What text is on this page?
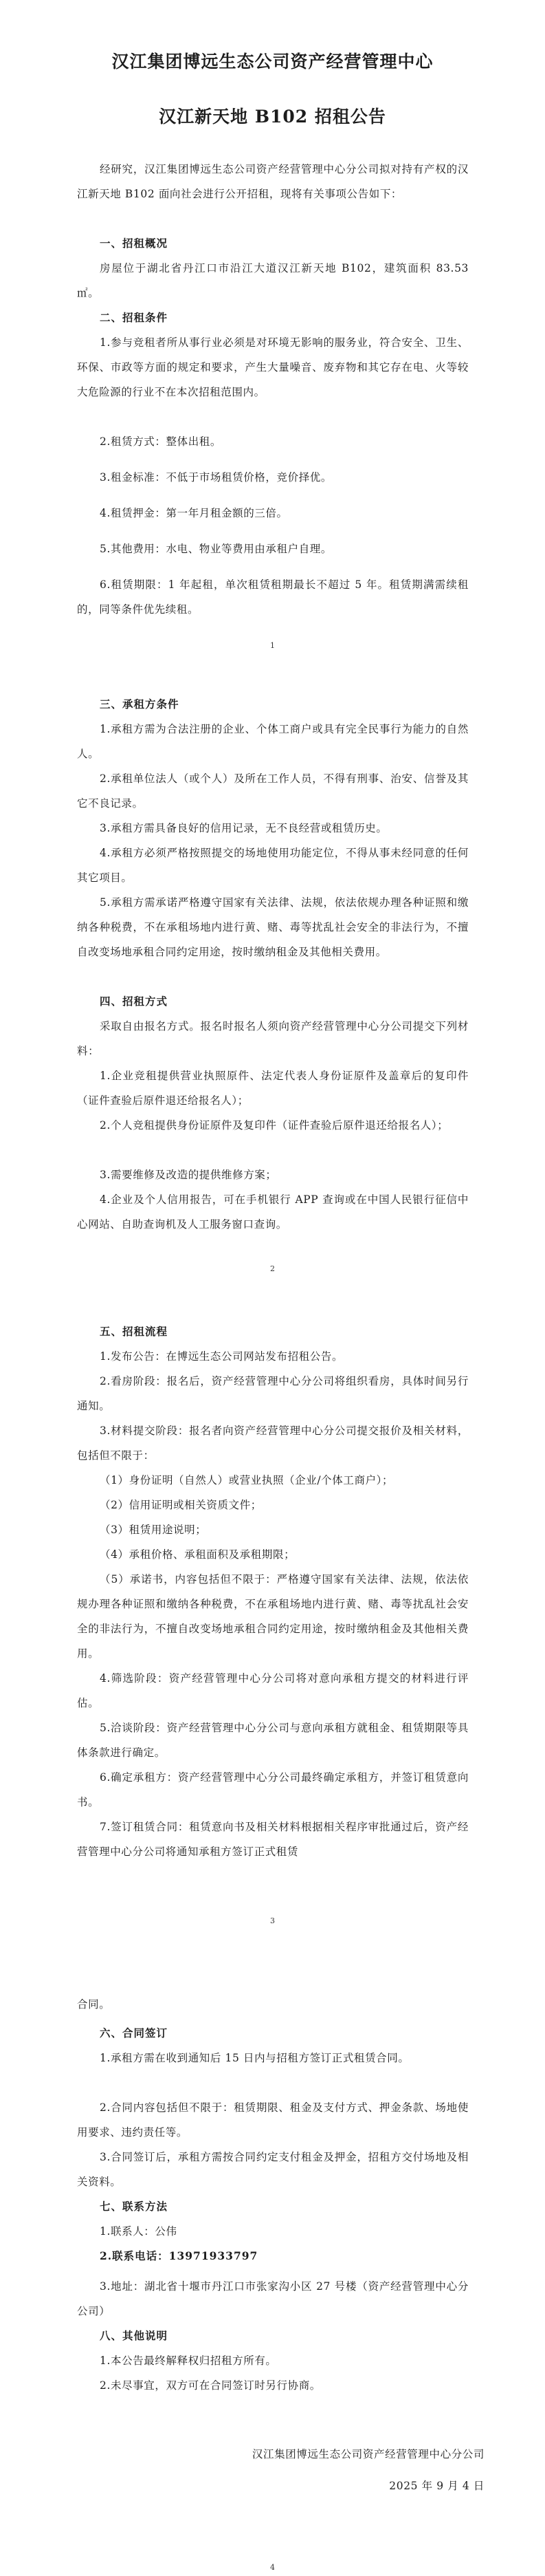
汉江集团博远生态公司资产经营管理中心
汉江新天地 B102 招租公告

经研究，汉江集团博远生态公司资产经营管理中心分公司拟对持有产权的汉江新天地 B102 面向社会进行公开招租，现将有关事项公告如下：

一、招租概况

房屋位于湖北省丹江口市沿江大道汉江新天地 B102，建筑面积 83.53 ㎡。

二、招租条件

1.参与竞租者所从事行业必须是对环境无影响的服务业，符合安全、卫生、环保、市政等方面的规定和要求，产生大量噪音、废弃物和其它存在电、火等较大危险源的行业不在本次招租范围内。

2.租赁方式：整体出租。

3.租金标准：不低于市场租赁价格，竞价择优。

4.租赁押金：第一年月租金额的三倍。

5.其他费用：水电、物业等费用由承租户自理。

6.租赁期限：1 年起租，单次租赁租期最长不超过 5 年。租赁期满需续租的，同等条件优先续租。

1

三、承租方条件

1.承租方需为合法注册的企业、个体工商户或具有完全民事行为能力的自然人。

2.承租单位法人（或个人）及所在工作人员，不得有刑事、治安、信誉及其它不良记录。

3.承租方需具备良好的信用记录，无不良经营或租赁历史。

4.承租方必须严格按照提交的场地使用功能定位，不得从事未经同意的任何其它项目。

5.承租方需承诺严格遵守国家有关法律、法规，依法依规办理各种证照和缴纳各种税费，不在承租场地内进行黄、赌、毒等扰乱社会安全的非法行为，不擅自改变场地承租合同约定用途，按时缴纳租金及其他相关费用。

四、招租方式

采取自由报名方式。报名时报名人须向资产经营管理中心分公司提交下列材料：

1.企业竞租提供营业执照原件、法定代表人身份证原件及盖章后的复印件（证件查验后原件退还给报名人）；

2.个人竞租提供身份证原件及复印件（证件查验后原件退还给报名人）；

3.需要维修及改造的提供维修方案；

4.企业及个人信用报告，可在手机银行 APP 查询或在中国人民银行征信中心网站、自助查询机及人工服务窗口查询。

2

五、招租流程

1.发布公告：在博远生态公司网站发布招租公告。

2.看房阶段：报名后，资产经营管理中心分公司将组织看房，具体时间另行通知。

3.材料提交阶段：报名者向资产经营管理中心分公司提交报价及相关材料，包括但不限于：

（1）身份证明（自然人）或营业执照（企业/个体工商户）；

（2）信用证明或相关资质文件；

（3）租赁用途说明；

（4）承租价格、承租面积及承租期限；

（5）承诺书，内容包括但不限于：严格遵守国家有关法律、法规，依法依规办理各种证照和缴纳各种税费，不在承租场地内进行黄、赌、毒等扰乱社会安全的非法行为，不擅自改变场地承租合同约定用途，按时缴纳租金及其他相关费用。

4.筛选阶段：资产经营管理中心分公司将对意向承租方提交的材料进行评估。

5.洽谈阶段：资产经营管理中心分公司与意向承租方就租金、租赁期限等具体条款进行确定。

6.确定承租方：资产经营管理中心分公司最终确定承租方，并签订租赁意向书。

7.签订租赁合同：租赁意向书及相关材料根据相关程序审批通过后，资产经营管理中心分公司将通知承租方签订正式租赁

3

合同。

六、合同签订

1.承租方需在收到通知后 15 日内与招租方签订正式租赁合同。

2.合同内容包括但不限于：租赁期限、租金及支付方式、押金条款、场地使用要求、违约责任等。

3.合同签订后，承租方需按合同约定支付租金及押金，招租方交付场地及相关资料。

七、联系方法

1.联系人：公伟

2.联系电话：13971933797

3.地址：湖北省十堰市丹江口市张家沟小区 27 号楼（资产经营管理中心分公司）

八、其他说明

1.本公告最终解释权归招租方所有。

2.未尽事宜，双方可在合同签订时另行协商。

汉江集团博远生态公司资产经营管理中心分公司

2025 年 9 月 4 日

4
